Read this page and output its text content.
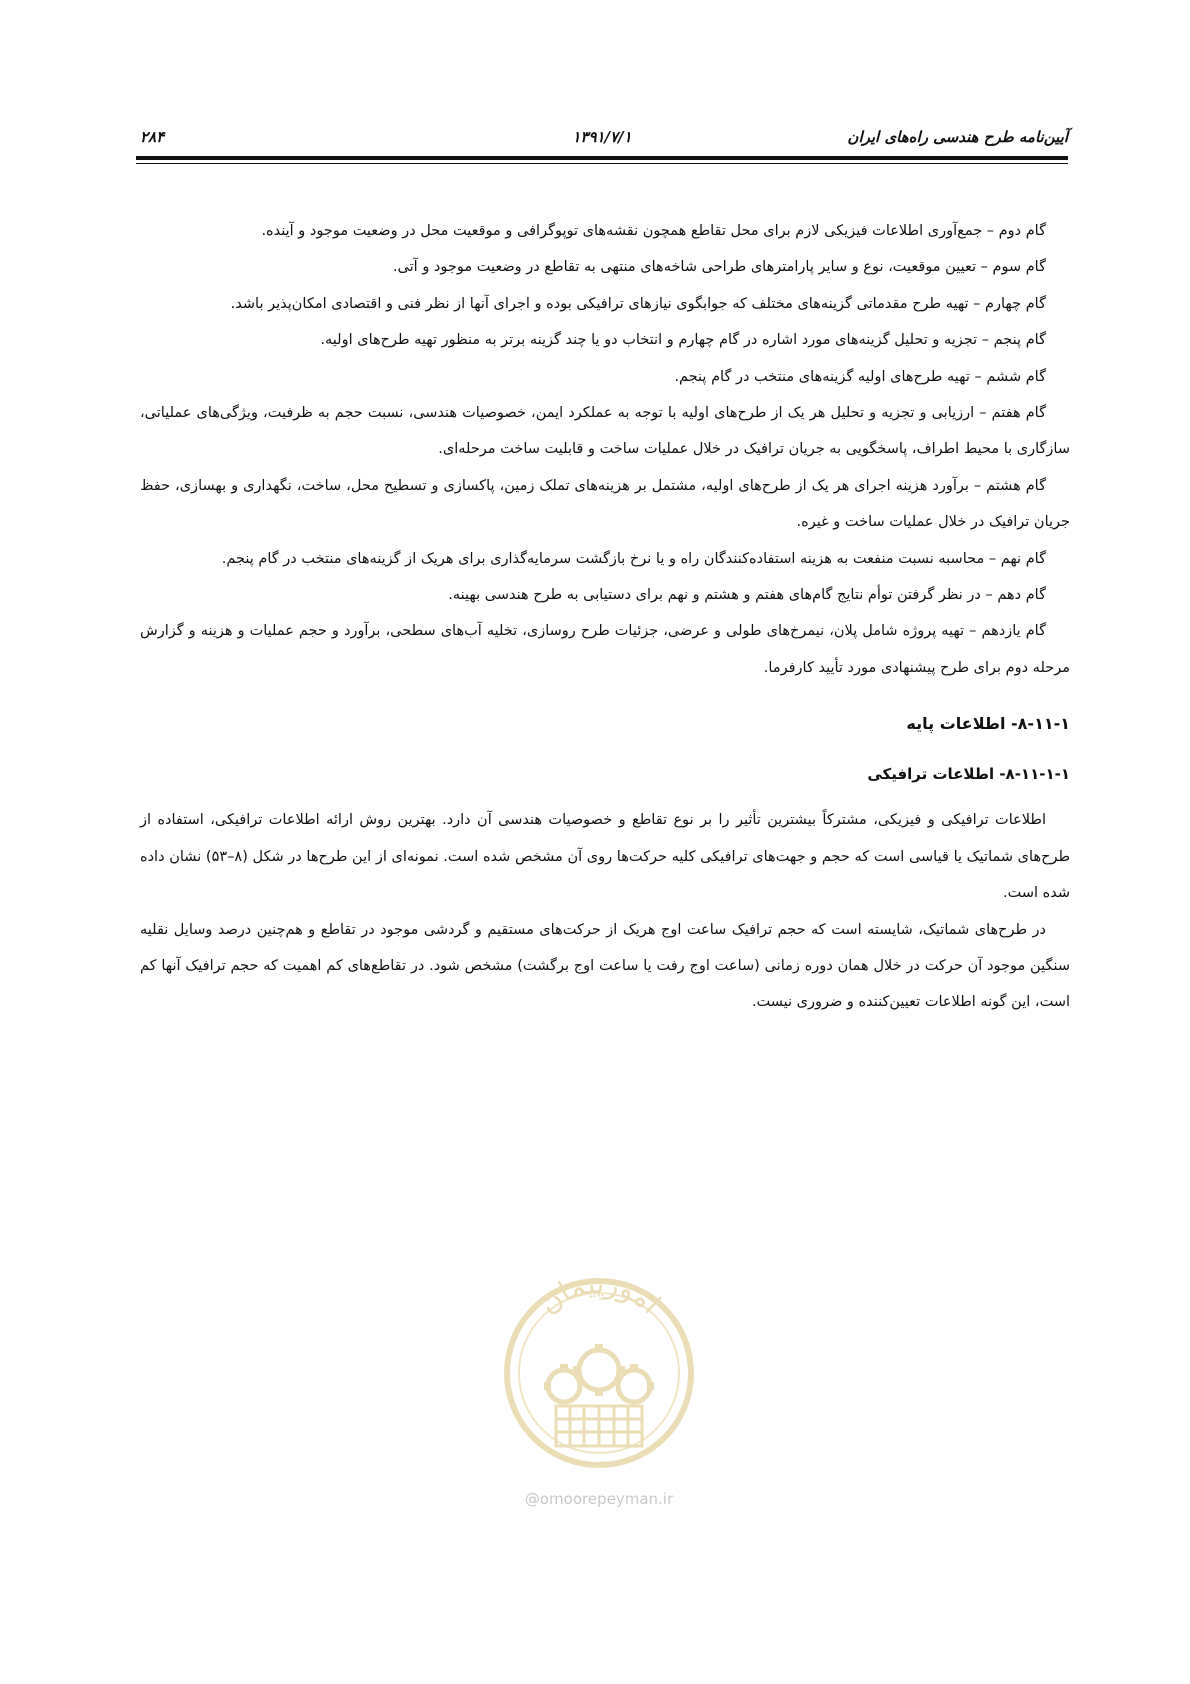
۲۸۴	۱۳۹۱/۷/۱	آیین‌نامه طرح هندسی راه‌های ایران

گام دوم – جمع‌آوری اطلاعات فیزیکی لازم برای محل تقاطع همچون نقشه‌های توپوگرافی و موقعیت محل در وضعیت موجود و آینده.

گام سوم – تعیین موقعیت، نوع و سایر پارامترهای طراحی شاخه‌های منتهی به تقاطع در وضعیت موجود و آتی.

گام چهارم – تهیه طرح مقدماتی گزینه‌های مختلف که جوابگوی نیازهای ترافیکی بوده و اجرای آنها از نظر فنی و اقتصادی امکان‌پذیر باشد.

گام پنجم – تجزیه و تحلیل گزینه‌های مورد اشاره در گام چهارم و انتخاب دو یا چند گزینه برتر به منظور تهیه طرح‌های اولیه.

گام ششم – تهیه طرح‌های اولیه گزینه‌های منتخب در گام پنجم.

گام هفتم – ارزیابی و تجزیه و تحلیل هر یک از طرح‌های اولیه با توجه به عملکرد ایمن، خصوصیات هندسی، نسبت حجم به ظرفیت، ویژگی‌های عملیاتی، سازگاری با محیط اطراف، پاسخگویی به جریان ترافیک در خلال عملیات ساخت و قابلیت ساخت مرحله‌ای.

گام هشتم – برآورد هزینه اجرای هر یک از طرح‌های اولیه، مشتمل بر هزینه‌های تملک زمین، پاکسازی و تسطیح محل، ساخت، نگهداری و بهسازی، حفظ جریان ترافیک در خلال عملیات ساخت و غیره.

گام نهم – محاسبه نسبت منفعت به هزینه استفاده‌کنندگان راه و یا نرخ بازگشت سرمایه‌گذاری برای هریک از گزینه‌های منتخب در گام پنجم.

گام دهم – در نظر گرفتن توأم نتایج گام‌های هفتم و هشتم و نهم برای دستیابی به طرح هندسی بهینه.

گام یازدهم – تهیه پروژه شامل پلان، نیمرخ‌های طولی و عرضی، جزئیات طرح روسازی، تخلیه آب‌های سطحی، برآورد و حجم عملیات و هزینه و گزارش مرحله دوم برای طرح پیشنهادی مورد تأیید کارفرما.

۸-۱۱-۱- اطلاعات پایه
۸-۱۱-۱-۱- اطلاعات ترافیکی

اطلاعات ترافیکی و فیزیکی، مشترکاً بیشترین تأثیر را بر نوع تقاطع و خصوصیات هندسی آن دارد. بهترین روش ارائه اطلاعات ترافیکی، استفاده از طرح‌های شماتیک یا قیاسی است که حجم و جهت‌های ترافیکی کلیه حرکت‌ها روی آن مشخص شده است. نمونه‌ای از این طرح‌ها در شکل (۸–۵۳) نشان داده شده است.

در طرح‌های شماتیک، شایسته است که حجم ترافیک ساعت اوج هریک از حرکت‌های مستقیم و گردشی موجود در تقاطع و هم‌چنین درصد وسایل نقلیه سنگین موجود آن حرکت در خلال همان دوره زمانی (ساعت اوج رفت یا ساعت اوج برگشت) مشخص شود. در تقاطع‌های کم اهمیت که حجم ترافیک آنها کم است، این گونه اطلاعات تعیین‌کننده و ضروری نیست.

امورپیمان
@omoorepeyman.ir
